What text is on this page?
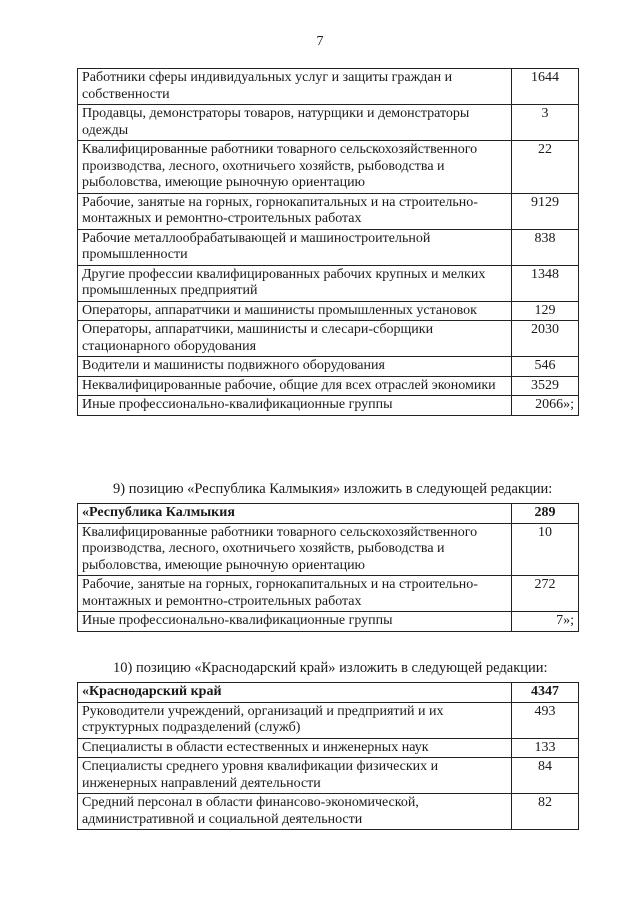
7
Работники сферы индивидуальных услуг и защиты граждан и собственности	1644
Продавцы, демонстраторы товаров, натурщики и демонстраторы одежды	3
Квалифицированные работники товарного сельскохозяйственного производства, лесного, охотничьего хозяйств, рыбоводства и рыболовства, имеющие рыночную ориентацию	22
Рабочие, занятые на горных, горнокапитальных и на строительно-монтажных и ремонтно-строительных работах	9129
Рабочие металлообрабатывающей и машиностроительной промышленности	838
Другие профессии квалифицированных рабочих крупных и мелких промышленных предприятий	1348
Операторы, аппаратчики и машинисты промышленных установок	129
Операторы, аппаратчики, машинисты и слесари-сборщики стационарного оборудования	2030
Водители и машинисты подвижного оборудования	546
Неквалифицированные рабочие, общие для всех отраслей экономики	3529
Иные профессионально-квалификационные группы	2066»;
9) позицию «Республика Калмыкия» изложить в следующей редакции:
«Республика Калмыкия	289
Квалифицированные работники товарного сельскохозяйственного производства, лесного, охотничьего хозяйств, рыбоводства и рыболовства, имеющие рыночную ориентацию	10
Рабочие, занятые на горных, горнокапитальных и на строительно-монтажных и ремонтно-строительных работах	272
Иные профессионально-квалификационные группы	7»;
10) позицию «Краснодарский край» изложить в следующей редакции:
«Краснодарский край	4347
Руководители учреждений, организаций и предприятий и их структурных подразделений (служб)	493
Специалисты в области естественных и инженерных наук	133
Специалисты среднего уровня квалификации физических и инженерных направлений деятельности	84
Средний персонал в области финансово-экономической, административной и социальной деятельности	82
